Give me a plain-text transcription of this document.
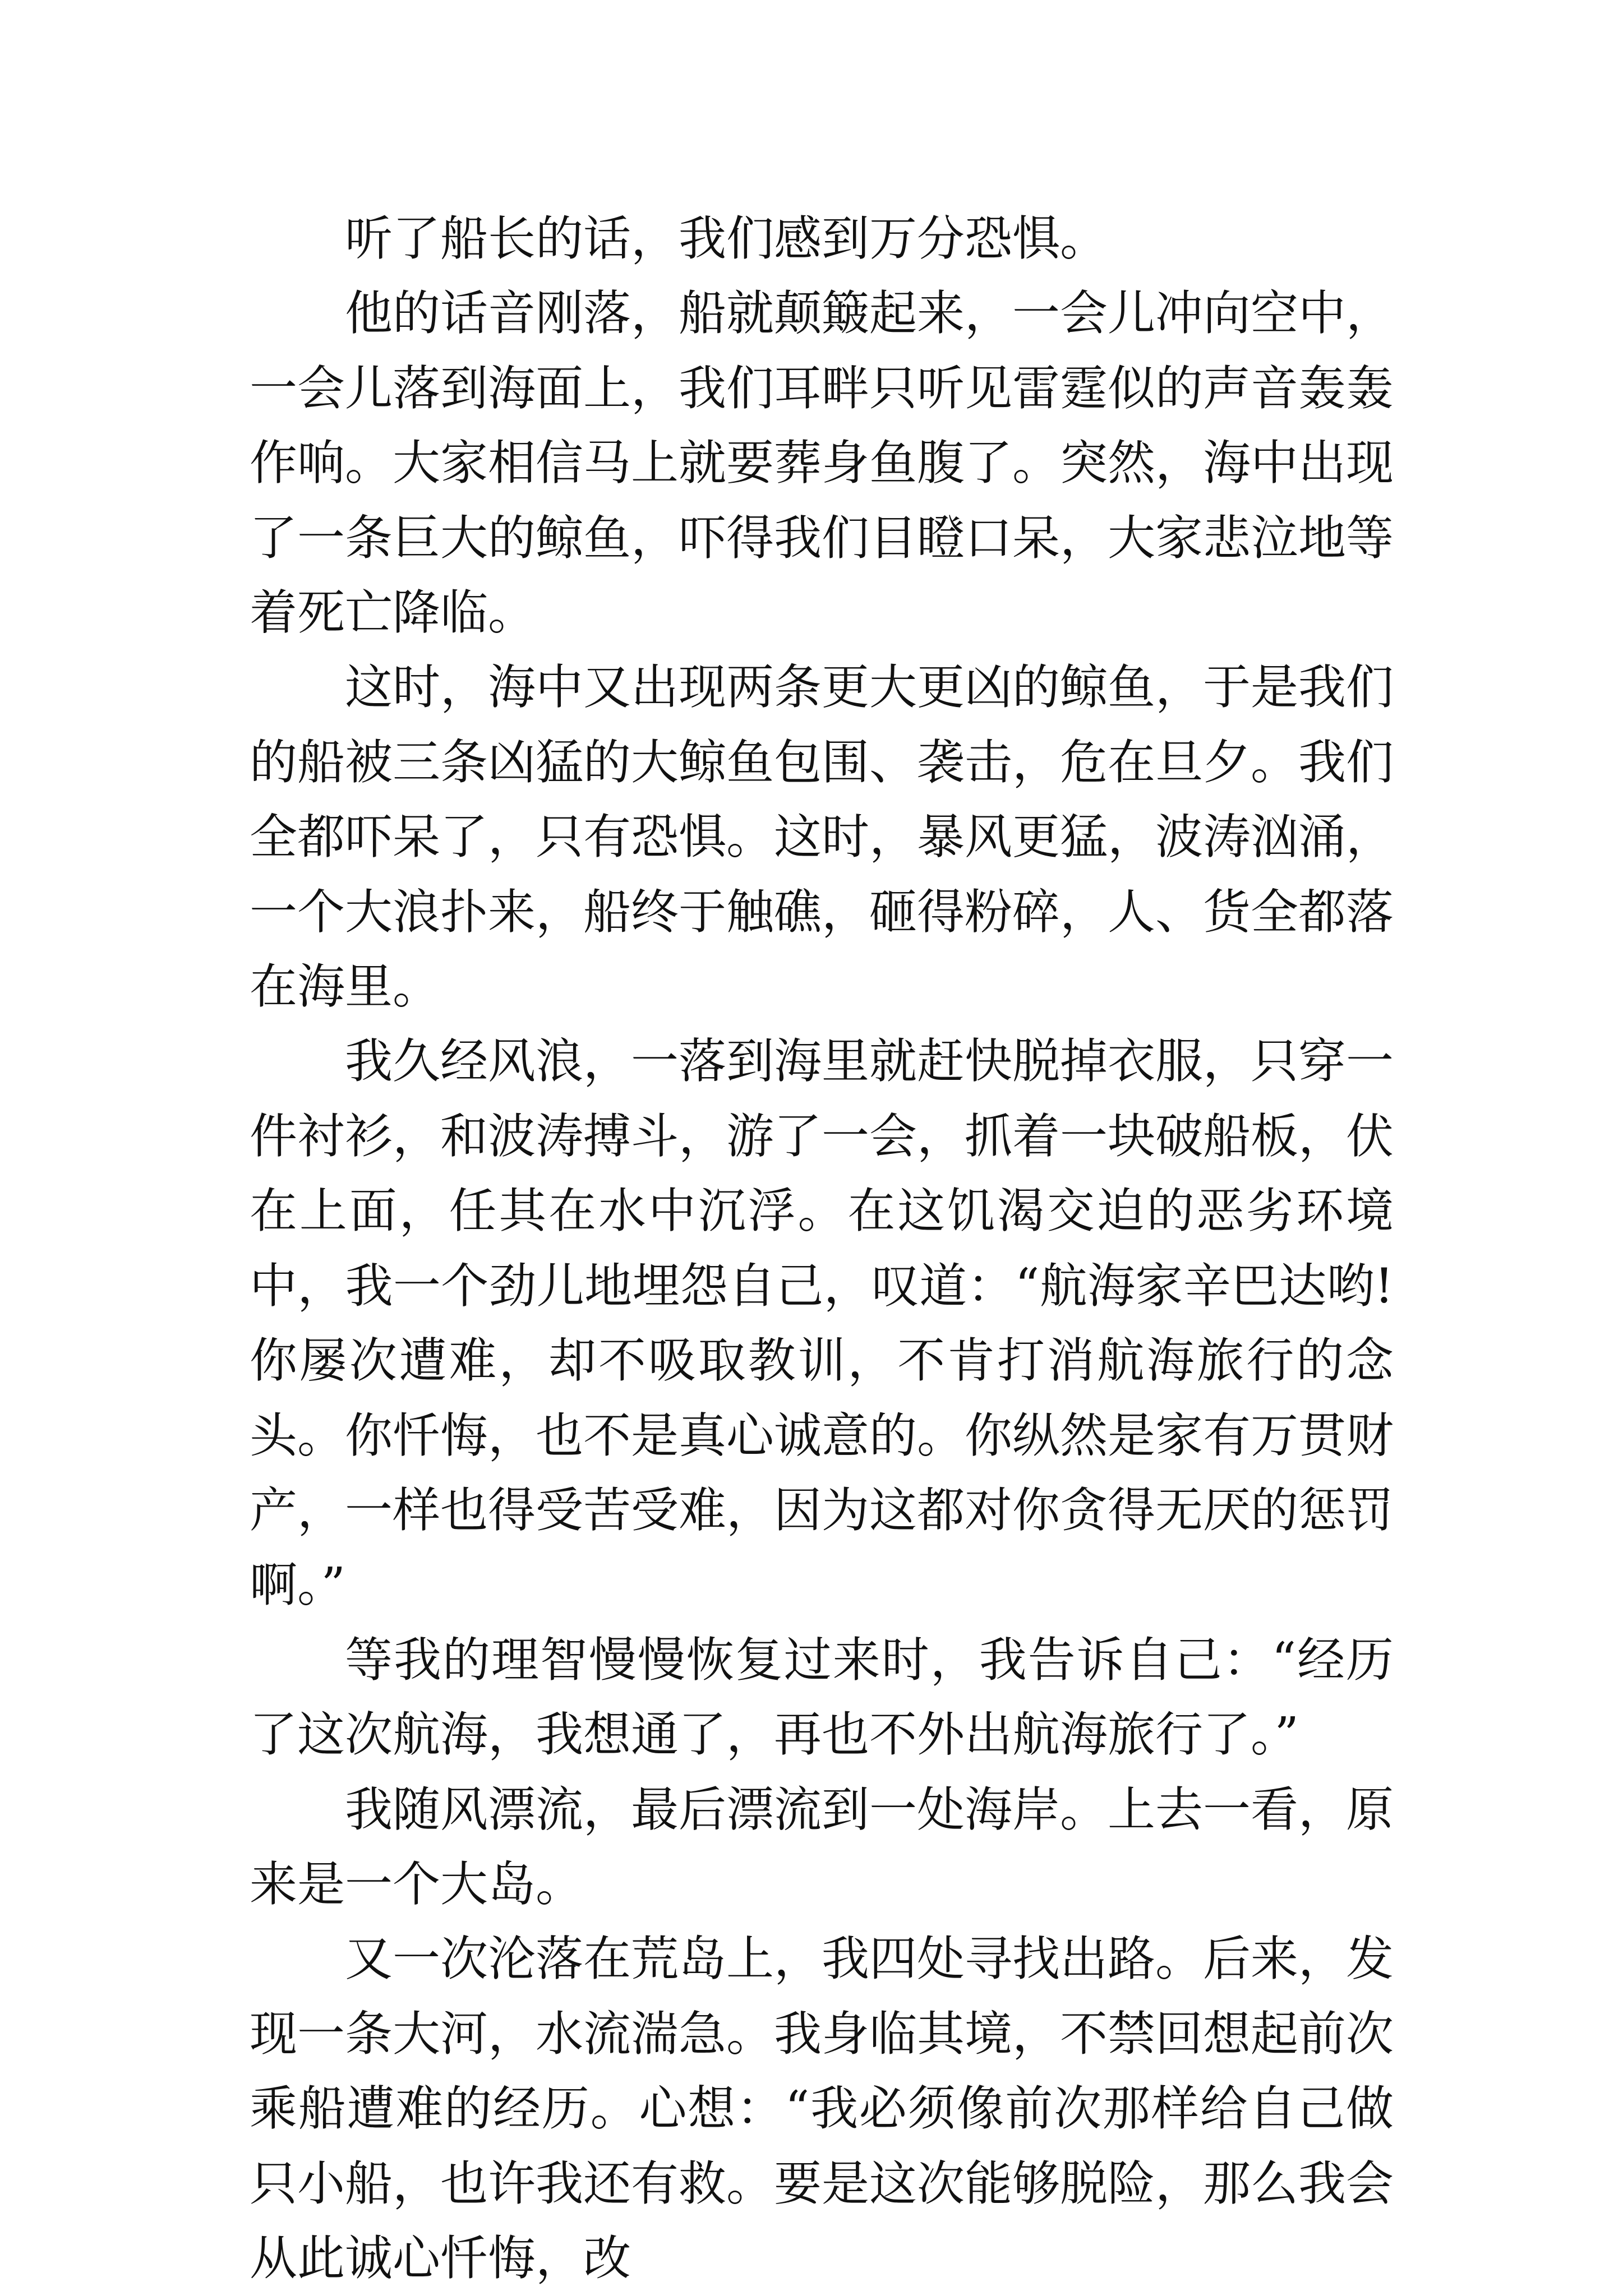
听了船长的话，我们感到万分恐惧。

他的话音刚落，船就颠簸起来，一会儿冲向空中，一会儿落到海面上，我们耳畔只听见雷霆似的声音轰轰作响。大家相信马上就要葬身鱼腹了。突然，海中出现了一条巨大的鲸鱼，吓得我们目瞪口呆，大家悲泣地等着死亡降临。

这时，海中又出现两条更大更凶的鲸鱼，于是我们的船被三条凶猛的大鲸鱼包围、袭击，危在旦夕。我们全都吓呆了，只有恐惧。这时，暴风更猛，波涛汹涌，一个大浪扑来，船终于触礁，砸得粉碎，人、货全都落在海里。

我久经风浪，一落到海里就赶快脱掉衣服，只穿一件衬衫，和波涛搏斗，游了一会，抓着一块破船板，伏在上面，任其在水中沉浮。在这饥渴交迫的恶劣环境中，我一个劲儿地埋怨自己，叹道：“航海家辛巴达哟!你屡次遭难，却不吸取教训，不肯打消航海旅行的念头。你忏悔，也不是真心诚意的。你纵然是家有万贯财产，一样也得受苦受难，因为这都对你贪得无厌的惩罚啊。”

等我的理智慢慢恢复过来时，我告诉自己：“经历了这次航海，我想通了，再也不外出航海旅行了。”

我随风漂流，最后漂流到一处海岸。上去一看，原来是一个大岛。

又一次沦落在荒岛上，我四处寻找出路。后来，发现一条大河，水流湍急。我身临其境，不禁回想起前次乘船遭难的经历。心想：“我必须像前次那样给自己做只小船，也许我还有救。要是这次能够脱险，那么我会从此诚心忏悔，改
